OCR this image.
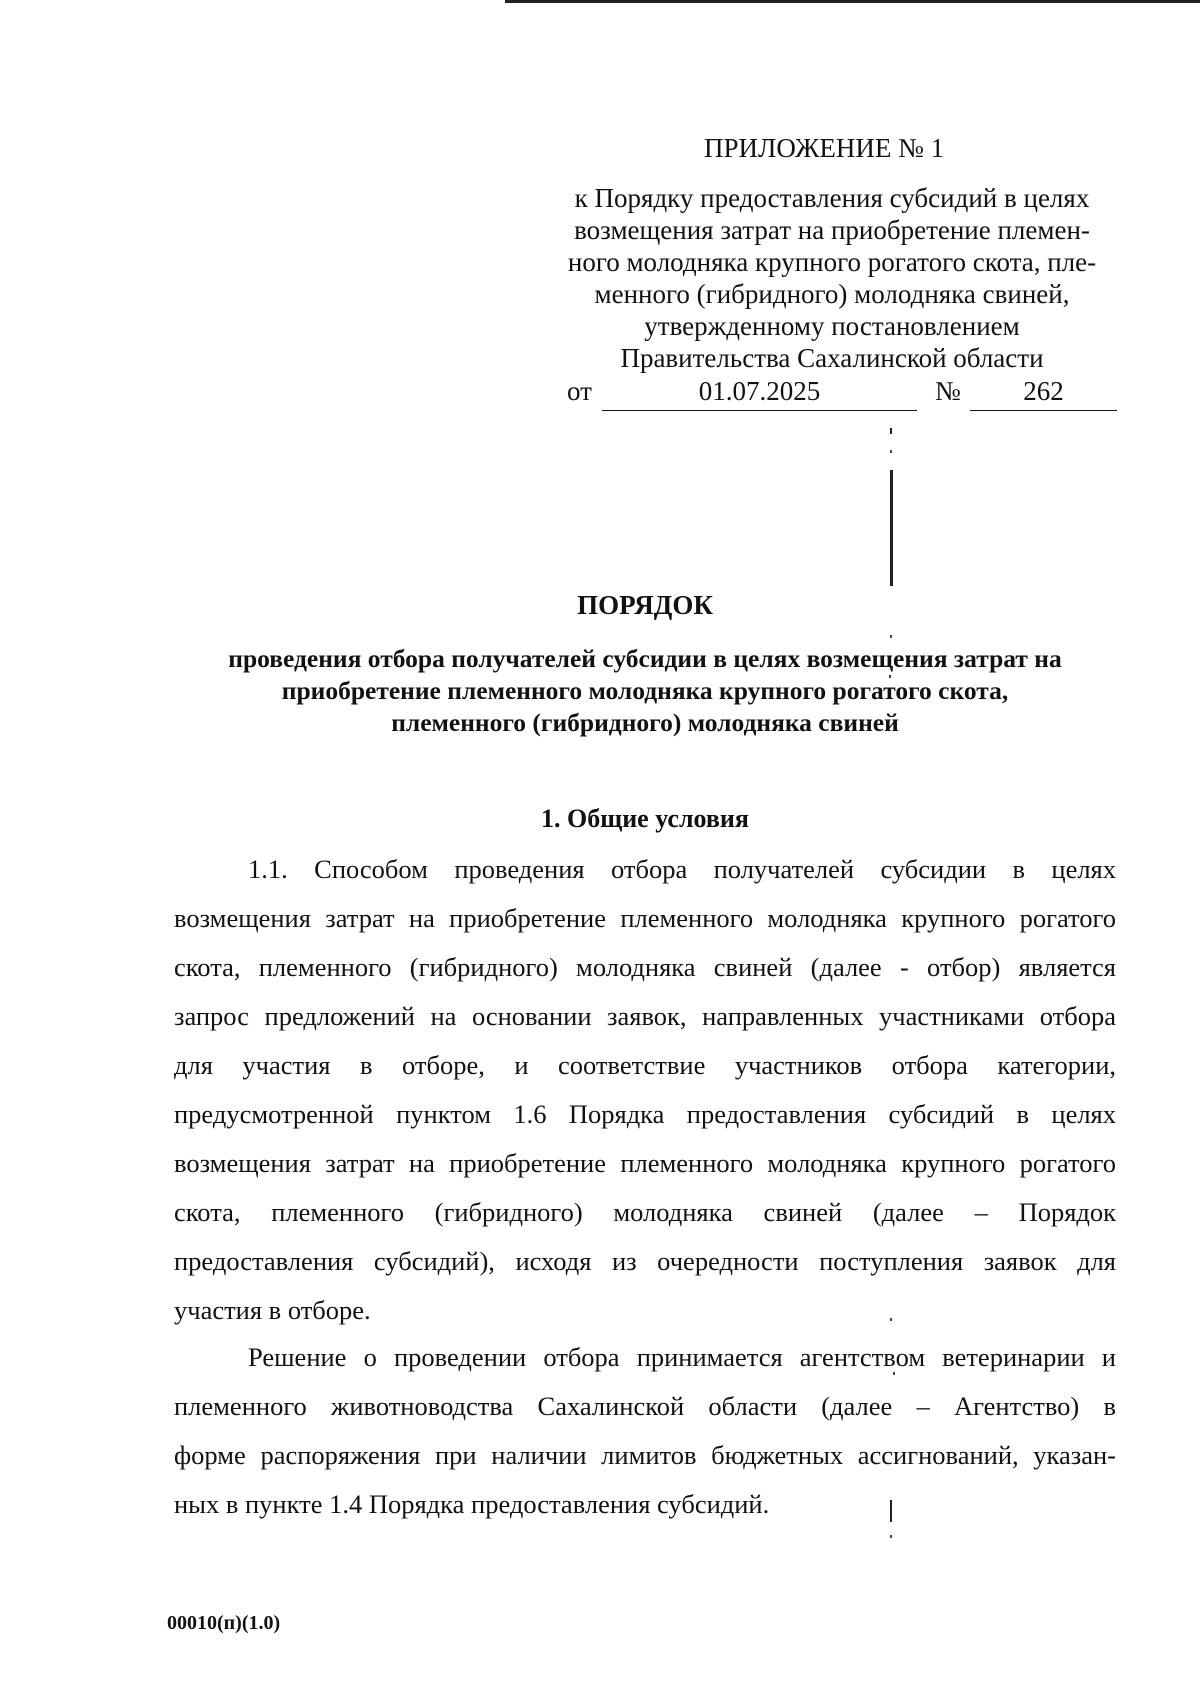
ПРИЛОЖЕНИЕ № 1
к Порядку предоставления субсидий в целях
возмещения затрат на приобретение племен-
ного молодняка крупного рогатого скота, пле-
менного (гибридного) молодняка свиней,
утвержденному постановлением
Правительства Сахалинской области
от	01.07.2025	№	262
ПОРЯДОК
проведения отбора получателей субсидии в целях возмещения затрат на
приобретение племенного молодняка крупного рогатого скота,
племенного (гибридного) молодняка свиней
1. Общие условия
1.1. Способом проведения отбора получателей субсидии в целях
возмещения затрат на приобретение племенного молодняка крупного рогатого
скота, племенного (гибридного) молодняка свиней (далее - отбор) является
запрос предложений на основании заявок, направленных участниками отбора
для участия в отборе, и соответствие участников отбора категории,
предусмотренной пунктом 1.6 Порядка предоставления субсидий в целях
возмещения затрат на приобретение племенного молодняка крупного рогатого
скота, племенного (гибридного) молодняка свиней (далее – Порядок
предоставления субсидий), исходя из очередности поступления заявок для
участия в отборе.
Решение о проведении отбора принимается агентством ветеринарии и
племенного животноводства Сахалинской области (далее – Агентство) в
форме распоряжения при наличии лимитов бюджетных ассигнований, указан-
ных в пункте 1.4 Порядка предоставления субсидий.
00010(п)(1.0)
